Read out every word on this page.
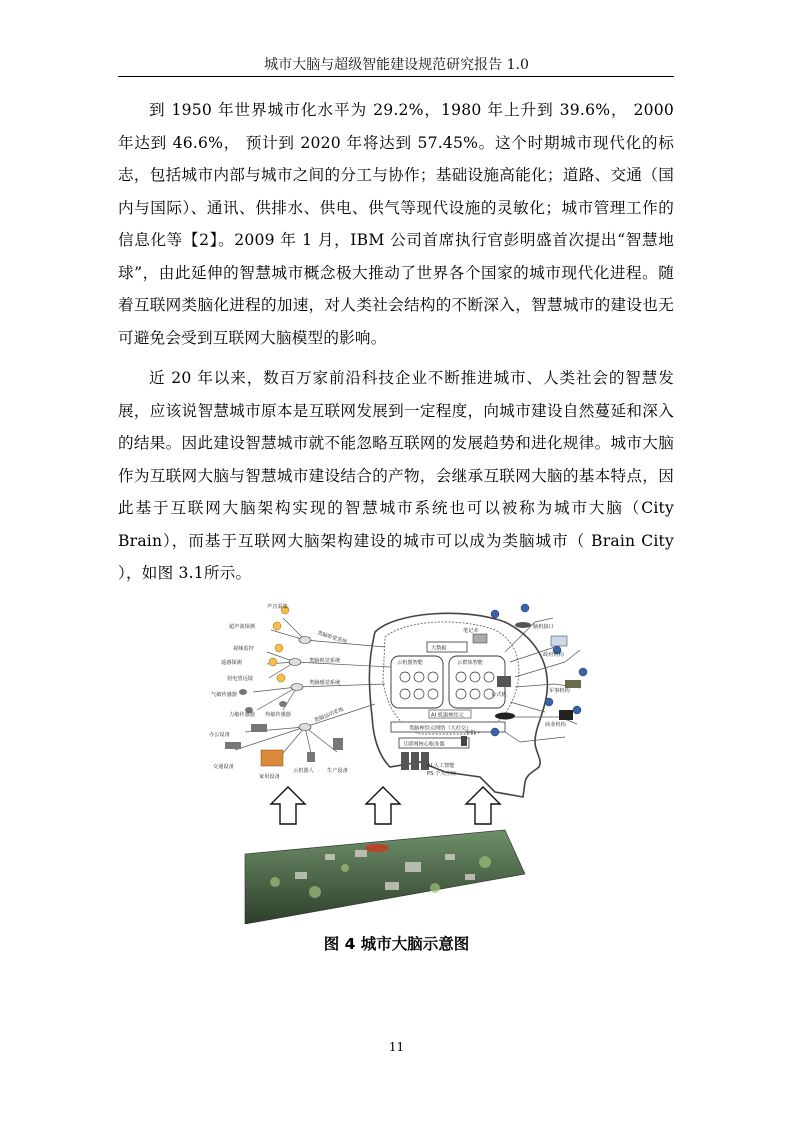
城市大脑与超级智能建设规范研究报告 1.0

到 1950 年世界城市化水平为 29.2%，1980 年上升到 39.6%， 2000 年达到 46.6%， 预计到 2020 年将达到 57.45%。这个时期城市现代化的标志，包括城市内部与城市之间的分工与协作；基础设施高能化；道路、交通（国内与国际）、通讯、供排水、供电、供气等现代设施的灵敏化；城市管理工作的信息化等【2】。2009 年 1 月，IBM 公司首席执行官彭明盛首次提出“智慧地球”，由此延伸的智慧城市概念极大推动了世界各个国家的城市现代化进程。随着互联网类脑化进程的加速，对人类社会结构的不断深入，智慧城市的建设也无可避免会受到互联网大脑模型的影响。

近 20 年以来，数百万家前沿科技企业不断推进城市、人类社会的智慧发展，应该说智慧城市原本是互联网发展到一定程度，向城市建设自然蔓延和深入的结果。因此建设智慧城市就不能忽略互联网的发展趋势和进化规律。城市大脑作为互联网大脑与智慧城市建设结合的产物，会继承互联网大脑的基本特点，因此基于互联网大脑架构实现的智慧城市系统也可以被称为城市大脑（City Brain），而基于互联网大脑架构建设的城市可以成为类脑城市（ Brain City ），如图 3.1所示。

大数据
云机器智能	云群体智能
AI 机器神经元
类脑神经元网络（大社交）
互联网核心服务器
AI 人工智能
PS 个人空间
声音采集
超声波探测
视频监控
遥感探测
射电望远镜
气敏传感器
力敏传感器 热敏传感器
办公设备
交通设备
家用设备
云机器人	生产设备
类脑听觉系统
类脑视觉系统
类脑感觉系统
类脑运动系统
笔记本
脑机接口
政府机构
台式机
军事机构
商业机构
手机
图 4 城市大脑示意图
11
